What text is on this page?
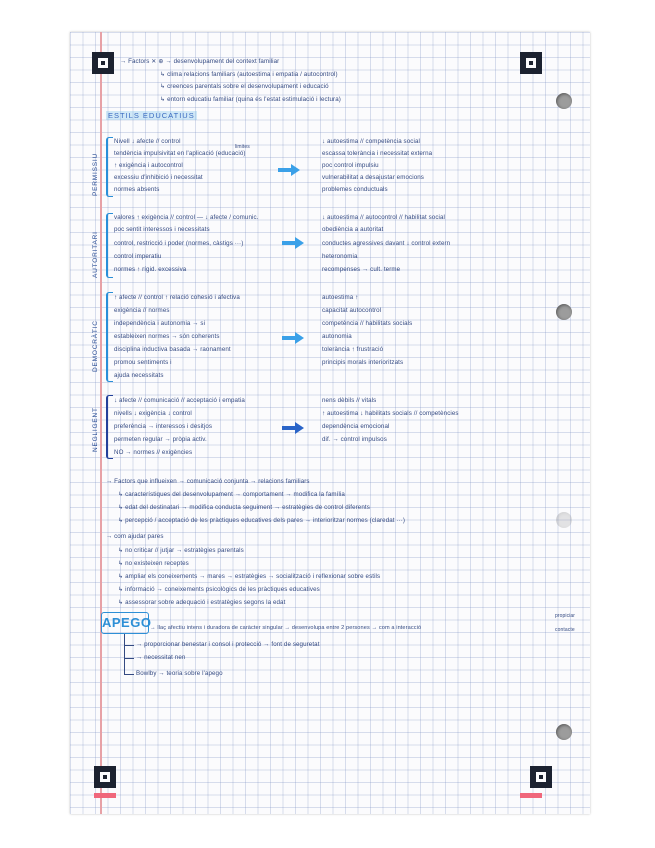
→ Factors ✕ ⊕ → desenvolupament del context familiar
↳ clima relacions familiars (autoestima i empatia / autocontrol)
↳ creences parentals sobre el desenvolupament i educació
↳ entorn educatiu familiar (quina és l'estat estimulació i lectura)
ESTILS EDUCATIUS
PERMISSIU
Nivell ↓ afecte // control
limites
tendència impulsivitat en l'aplicació (educació)
↑ exigència i autocontrol
excessiu d'inhibició i necessitat
normes absents
↓ autoestima // competència social
escassa tolerància i necessitat externa
poc control impulsiu
vulnerabilitat a desajustar emocions
problemes conductuals
AUTORITARI
valores ↑ exigència // control — ↓ afecte / comunic.
poc sentit interessos i necessitats
control, restricció i poder (normes, càstigs ···)
control imperatiu
normes ↑ rígid. excessiva
↓ autoestima // autocontrol // habilitat social
obediència a autoritat
conductes agressives davant ↓ control extern
heteronomia
recompenses → cult. terme
DEMOCRÀTIC
↑ afecte // control ↑ relació cohesió i afectiva
exigència // normes
independència i autonomia → si
estableixen normes → són coherents
disciplina inductiva basada → raonament
promou sentiments i
ajuda necessitats
autoestima ↑
capacitat autocontrol
competència // habilitats socials
autonomia
tolerància ↑ frustració
principis morals interioritzats
NEGLIGENT
↓ afecte // comunicació // acceptació i empatia
nivells ↓ exigència ↓ control
preferència → interessos i desitjos
permeten regular → pròpia activ.
NO → normes // exigències
nens dèbils // vitals
↑ autoestima ↓ habilitats socials // competències
dependència emocional
dif. → control impulsos
→ Factors que influeixen → comunicació conjunta → relacions familiars
↳ característiques del desenvolupament → comportament → modifica la família
↳ edat del destinatari → modifica conducta seguiment → estratègies de control diferents
↳ percepció / acceptació de les pràctiques educatives dels pares → interioritzar normes (claredat ···)
→ com ajudar pares
↳ no criticar // jutjar → estratègies parentals
↳ no existeixen receptes
↳ ampliar els coneixements → mares → estratègies → socialització i reflexionar sobre estils
↳ informació → coneixements psicològics de les pràctiques educatives
↳ assessorar sobre adequació i estratègies segons la edat
APEGO
→ llaç afectiu intens i duradora de caràcter singular → desenvolupa entre 2 persones → com a interacció
propiciar
contacte
→ proporcionar benestar i consol i protecció → font de seguretat
→ necessitat nen
Bowlby → teoria sobre l'apego
